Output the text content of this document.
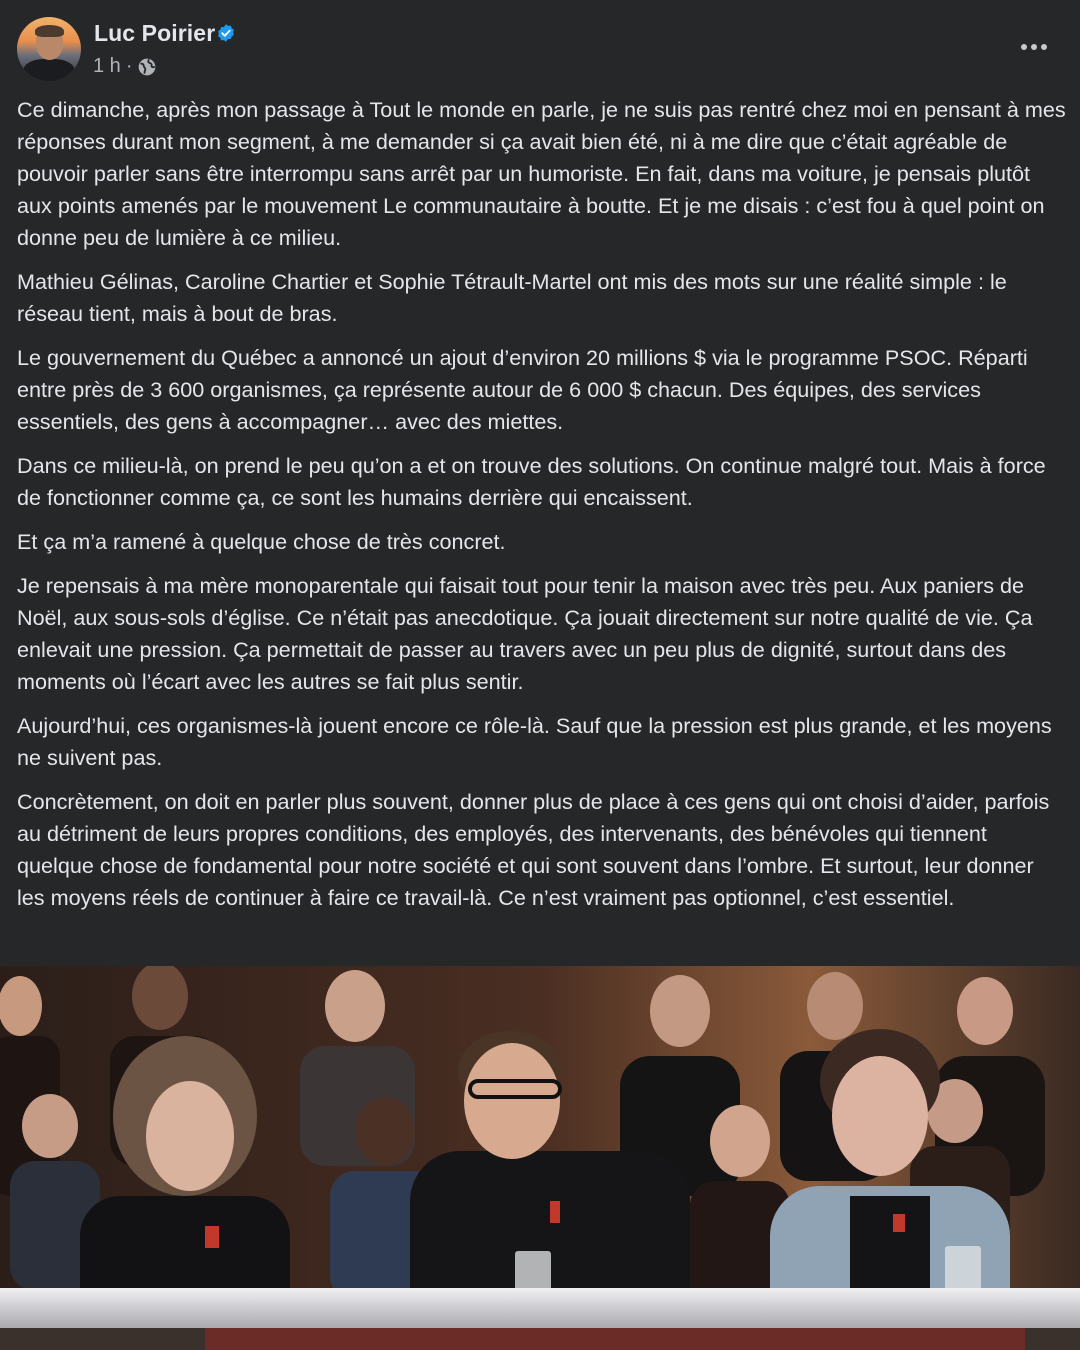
Luc Poirier
1 h ·

Ce dimanche, après mon passage à Tout le monde en parle, je ne suis pas rentré chez moi en pensant à mes réponses durant mon segment, à me demander si ça avait bien été, ni à me dire que c’était agréable de pouvoir parler sans être interrompu sans arrêt par un humoriste. En fait, dans ma voiture, je pensais plutôt aux points amenés par le mouvement Le communautaire à boutte. Et je me disais : c’est fou à quel point on donne peu de lumière à ce milieu.

Mathieu Gélinas, Caroline Chartier et Sophie Tétrault-Martel ont mis des mots sur une réalité simple : le réseau tient, mais à bout de bras.

Le gouvernement du Québec a annoncé un ajout d’environ 20 millions $ via le programme PSOC. Réparti entre près de 3 600 organismes, ça représente autour de 6 000 $ chacun. Des équipes, des services essentiels, des gens à accompagner… avec des miettes.

Dans ce milieu-là, on prend le peu qu’on a et on trouve des solutions. On continue malgré tout. Mais à force de fonctionner comme ça, ce sont les humains derrière qui encaissent.

Et ça m’a ramené à quelque chose de très concret.

Je repensais à ma mère monoparentale qui faisait tout pour tenir la maison avec très peu. Aux paniers de Noël, aux sous-sols d’église. Ce n’était pas anecdotique. Ça jouait directement sur notre qualité de vie. Ça enlevait une pression. Ça permettait de passer au travers avec un peu plus de dignité, surtout dans des moments où l’écart avec les autres se fait plus sentir.

Aujourd’hui, ces organismes-là jouent encore ce rôle-là. Sauf que la pression est plus grande, et les moyens ne suivent pas.

Concrètement, on doit en parler plus souvent, donner plus de place à ces gens qui ont choisi d’aider, parfois au détriment de leurs propres conditions, des employés, des intervenants, des bénévoles qui tiennent quelque chose de fondamental pour notre société et qui sont souvent dans l’ombre. Et surtout, leur donner les moyens réels de continuer à faire ce travail-là. Ce n’est vraiment pas optionnel, c’est essentiel.
